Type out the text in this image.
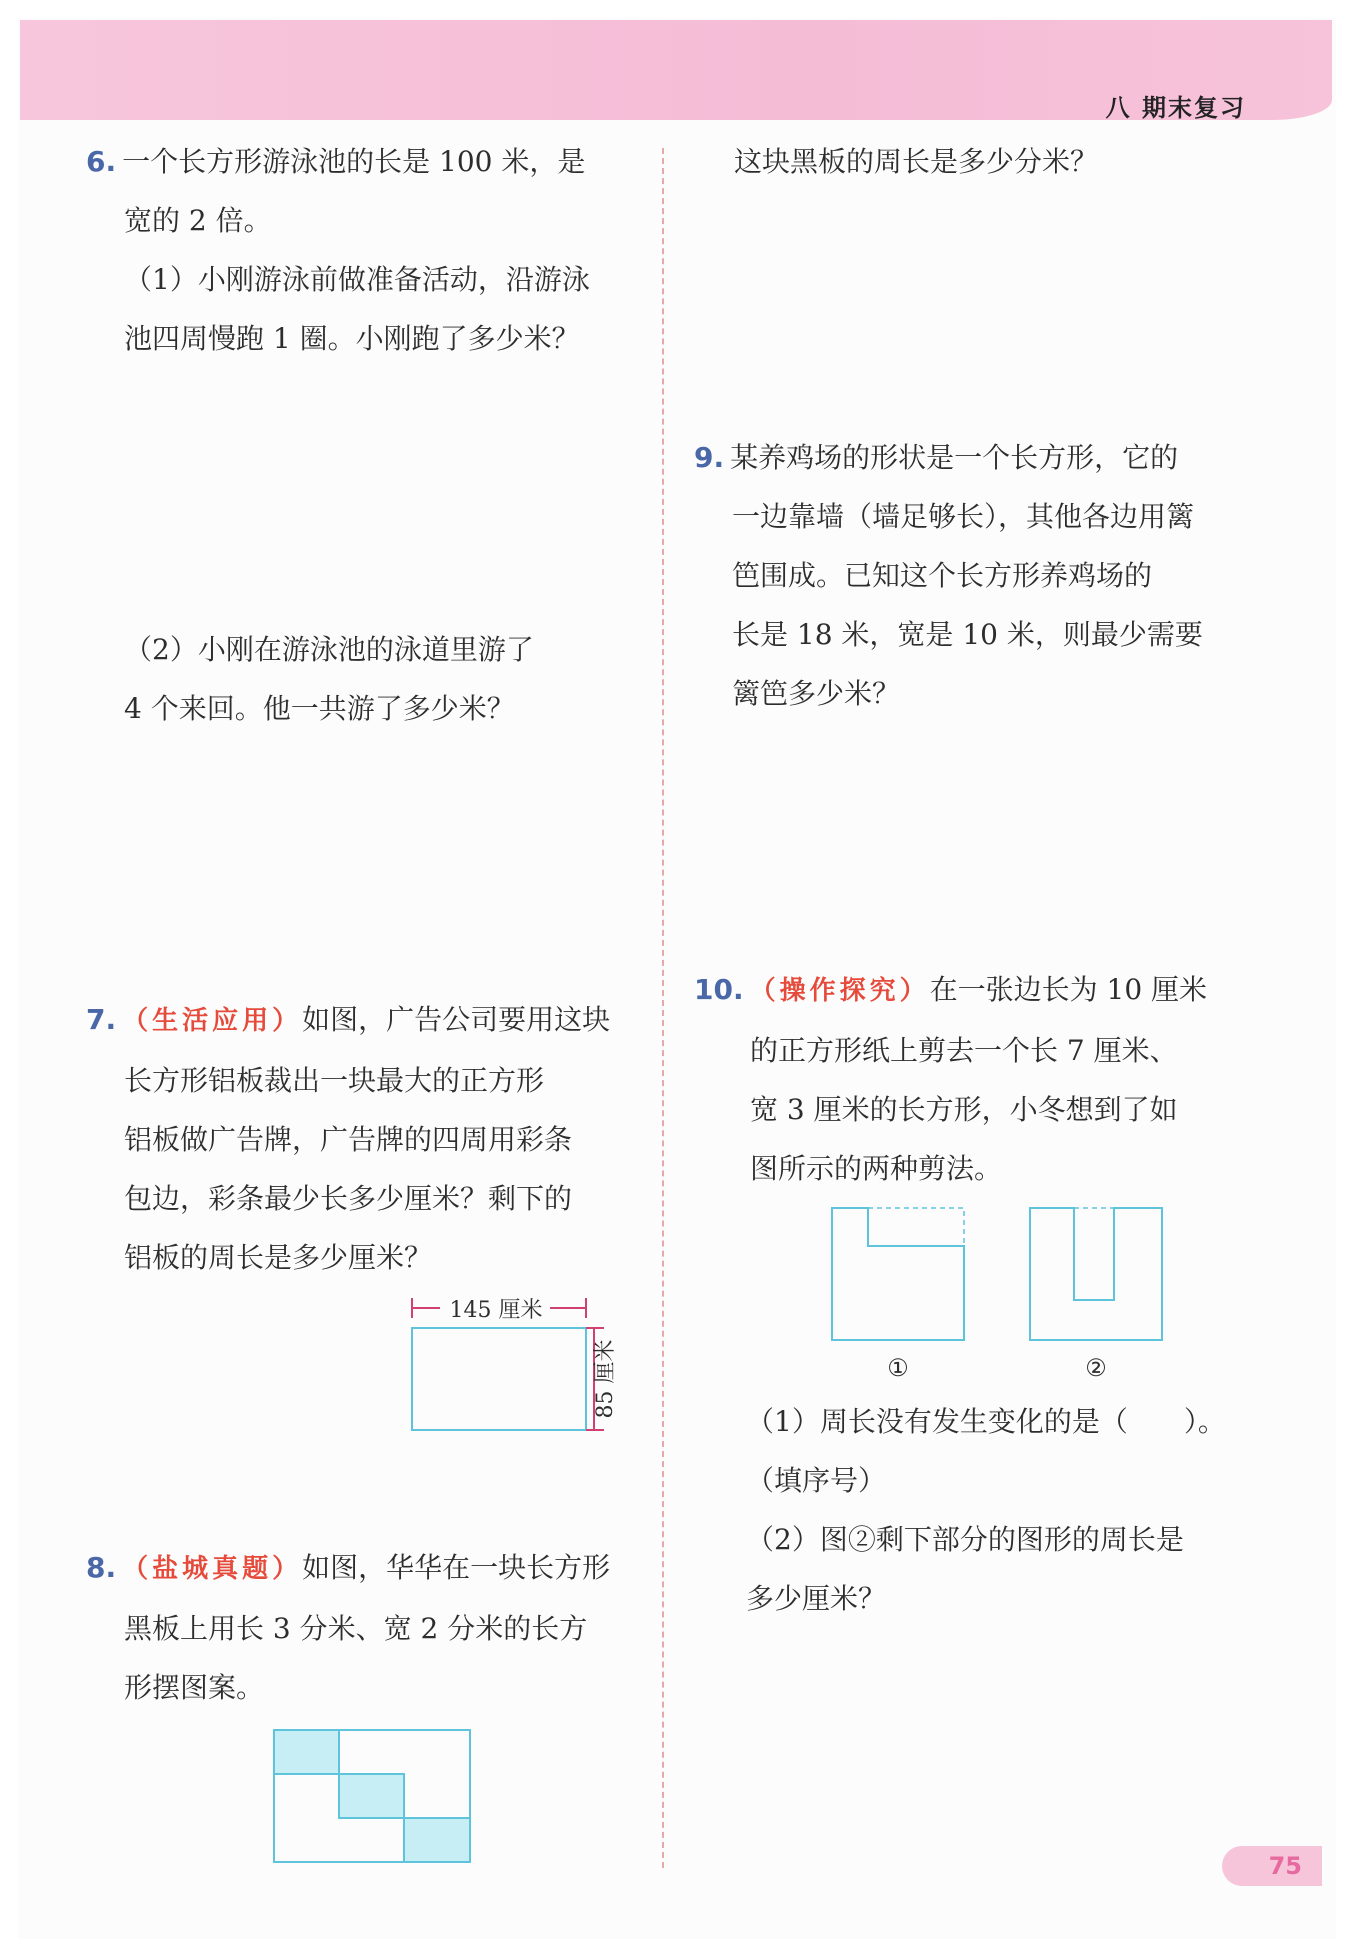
八 期末复习
6. 一个长方形游泳池的长是 100 米，是
宽的 2 倍。
（1）小刚游泳前做准备活动，沿游泳
池四周慢跑 1 圈。小刚跑了多少米？
（2）小刚在游泳池的泳道里游了
4 个来回。他一共游了多少米？
7. （生活应用）如图，广告公司要用这块
长方形铝板裁出一块最大的正方形
铝板做广告牌，广告牌的四周用彩条
包边，彩条最少长多少厘米？剩下的
铝板的周长是多少厘米？
145 厘米
85 厘米
8. （盐城真题）如图，华华在一块长方形
黑板上用长 3 分米、宽 2 分米的长方
形摆图案。
这块黑板的周长是多少分米？
9. 某养鸡场的形状是一个长方形，它的
一边靠墙（墙足够长），其他各边用篱
笆围成。已知这个长方形养鸡场的
长是 18 米，宽是 10 米，则最少需要
篱笆多少米？
10. （操作探究）在一张边长为 10 厘米
的正方形纸上剪去一个长 7 厘米、
宽 3 厘米的长方形，小冬想到了如
图所示的两种剪法。
①	②
（1）周长没有发生变化的是（　　）。
（填序号）
（2）图②剩下部分的图形的周长是
多少厘米？
75
